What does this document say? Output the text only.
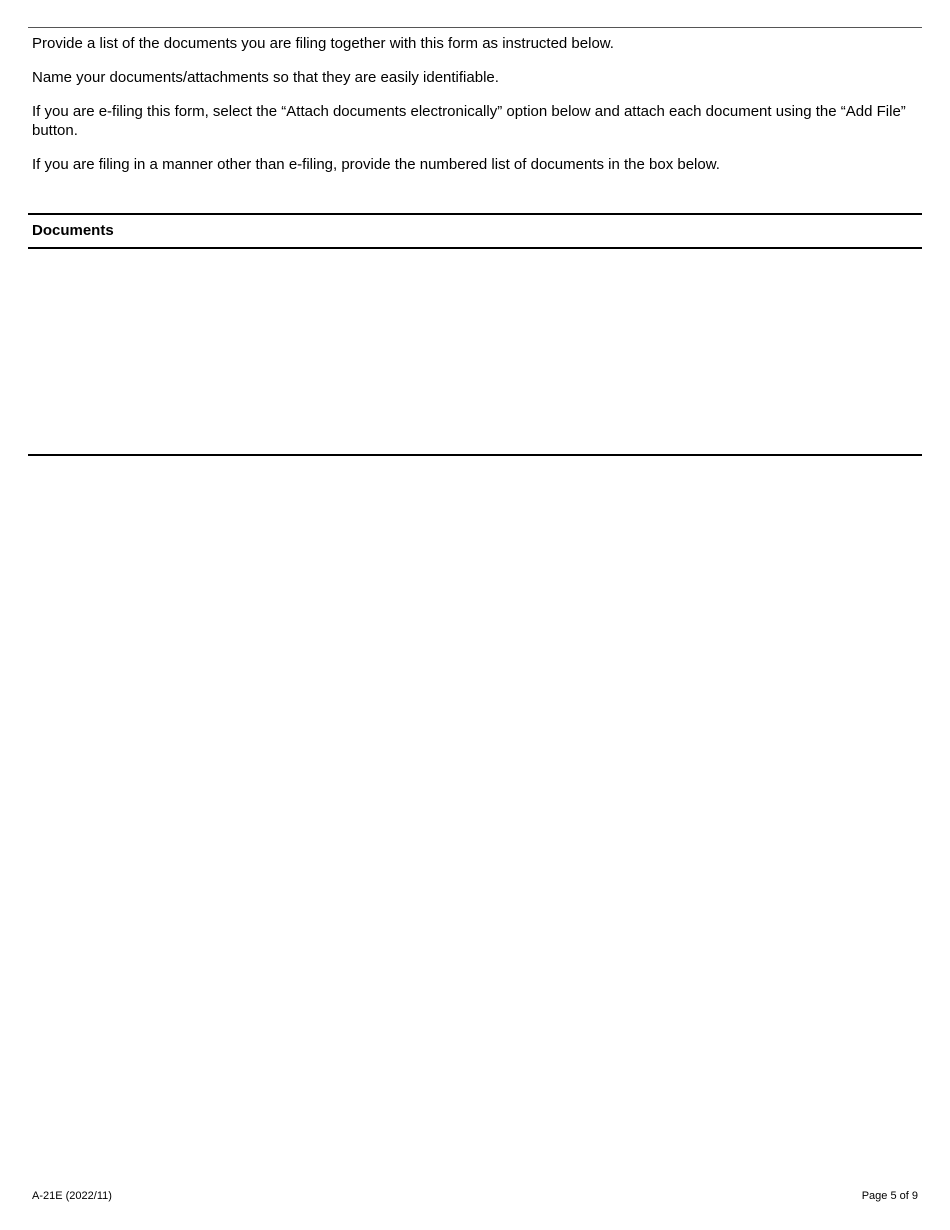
Provide a list of the documents you are filing together with this form as instructed below.

Name your documents/attachments so that they are easily identifiable.

If you are e-filing this form, select the “Attach documents electronically” option below and attach each document using the “Add File” button.

If you are filing in a manner other than e-filing, provide the numbered list of documents in the box below.

Documents
A-21E (2022/11)	Page 5 of 9
